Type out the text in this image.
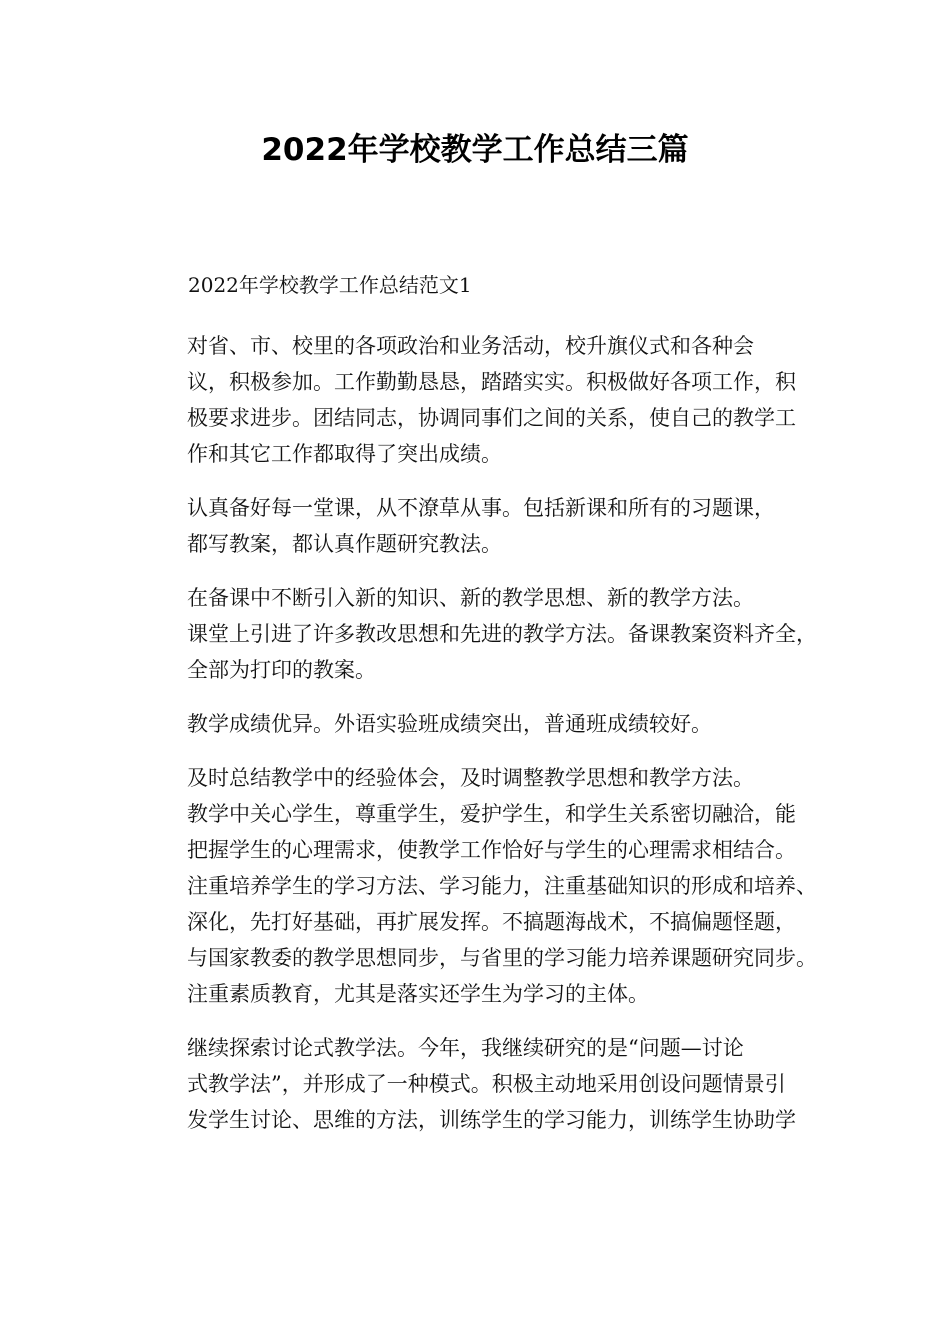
2022年学校教学工作总结三篇

2022年学校教学工作总结范文1

对省、市、校里的各项政治和业务活动，校升旗仪式和各种会
议，积极参加。工作勤勤恳恳，踏踏实实。积极做好各项工作，积
极要求进步。团结同志，协调同事们之间的关系，使自己的教学工
作和其它工作都取得了突出成绩。

认真备好每一堂课，从不潦草从事。包括新课和所有的习题课，
都写教案，都认真作题研究教法。

在备课中不断引入新的知识、新的教学思想、新的教学方法。
课堂上引进了许多教改思想和先进的教学方法。备课教案资料齐全，
全部为打印的教案。

教学成绩优异。外语实验班成绩突出，普通班成绩较好。

及时总结教学中的经验体会，及时调整教学思想和教学方法。
教学中关心学生，尊重学生，爱护学生，和学生关系密切融洽，能
把握学生的心理需求，使教学工作恰好与学生的心理需求相结合。
注重培养学生的学习方法、学习能力，注重基础知识的形成和培养、
深化，先打好基础，再扩展发挥。不搞题海战术，不搞偏题怪题，
与国家教委的教学思想同步，与省里的学习能力培养课题研究同步。
注重素质教育，尤其是落实还学生为学习的主体。

继续探索讨论式教学法。今年，我继续研究的是“问题—讨论
式教学法”，并形成了一种模式。积极主动地采用创设问题情景引
发学生讨论、思维的方法，训练学生的学习能力，训练学生协助学
